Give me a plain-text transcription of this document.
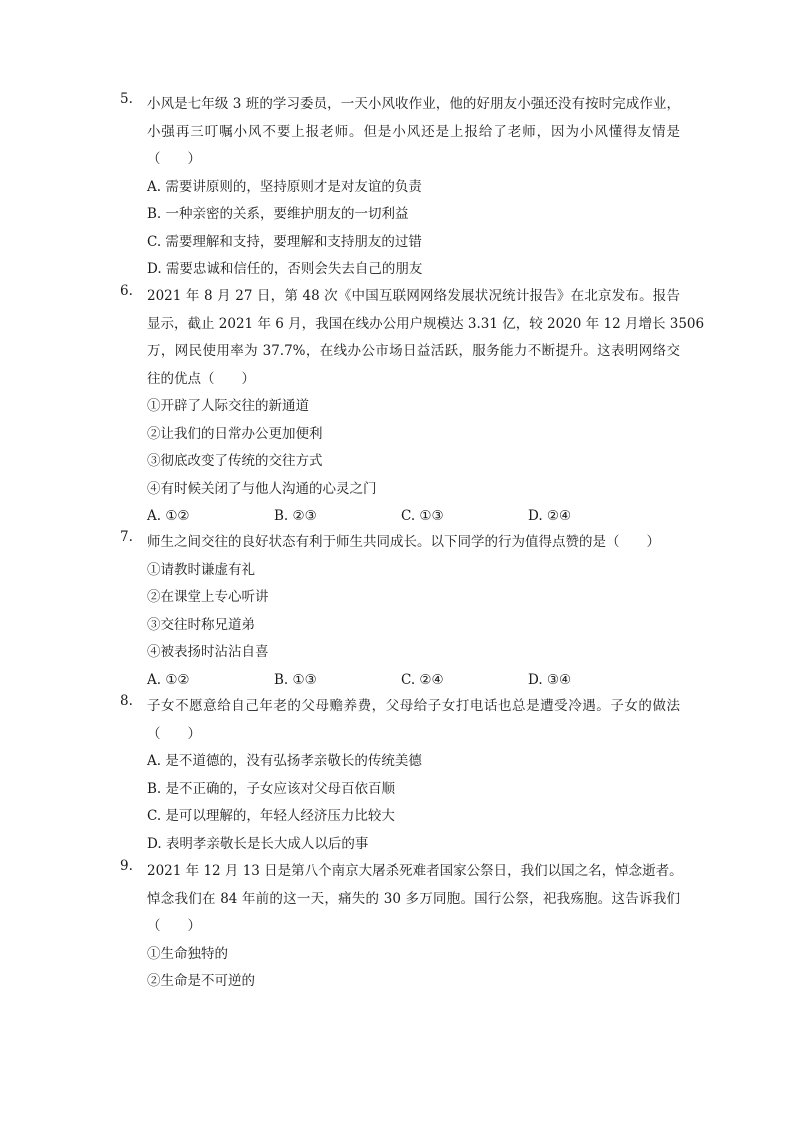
5.	小风是七年级 3 班的学习委员，一天小风收作业，他的好朋友小强还没有按时完成作业，
小强再三叮嘱小风不要上报老师。但是小风还是上报给了老师，因为小风懂得友情是
（　　）
A. 需要讲原则的，坚持原则才是对友谊的负责
B. 一种亲密的关系，要维护朋友的一切利益
C. 需要理解和支持，要理解和支持朋友的过错
D. 需要忠诚和信任的，否则会失去自己的朋友
6.	2021 年 8 月 27 日，第 48 次《中国互联网网络发展状况统计报告》在北京发布。报告
显示，截止 2021 年 6 月，我国在线办公用户规模达 3.31 亿，较 2020 年 12 月增长 3506
万，网民使用率为 37.7%，在线办公市场日益活跃，服务能力不断提升。这表明网络交
往的优点（　　）
①开辟了人际交往的新通道
②让我们的日常办公更加便利
③彻底改变了传统的交往方式
④有时候关闭了与他人沟通的心灵之门
A. ①②	B. ②③	C. ①③	D. ②④
7.	师生之间交往的良好状态有利于师生共同成长。以下同学的行为值得点赞的是（　　）
①请教时谦虚有礼
②在课堂上专心听讲
③交往时称兄道弟
④被表扬时沾沾自喜
A. ①②	B. ①③	C. ②④	D. ③④
8.	子女不愿意给自己年老的父母赡养费，父母给子女打电话也总是遭受冷遇。子女的做法
（　　）
A. 是不道德的，没有弘扬孝亲敬长的传统美德
B. 是不正确的，子女应该对父母百依百顺
C. 是可以理解的，年轻人经济压力比较大
D. 表明孝亲敬长是长大成人以后的事
9.	2021 年 12 月 13 日是第八个南京大屠杀死难者国家公祭日，我们以国之名，悼念逝者。
悼念我们在 84 年前的这一天，痛失的 30 多万同胞。国行公祭，祀我殇胞。这告诉我们
（　　）
①生命独特的
②生命是不可逆的
